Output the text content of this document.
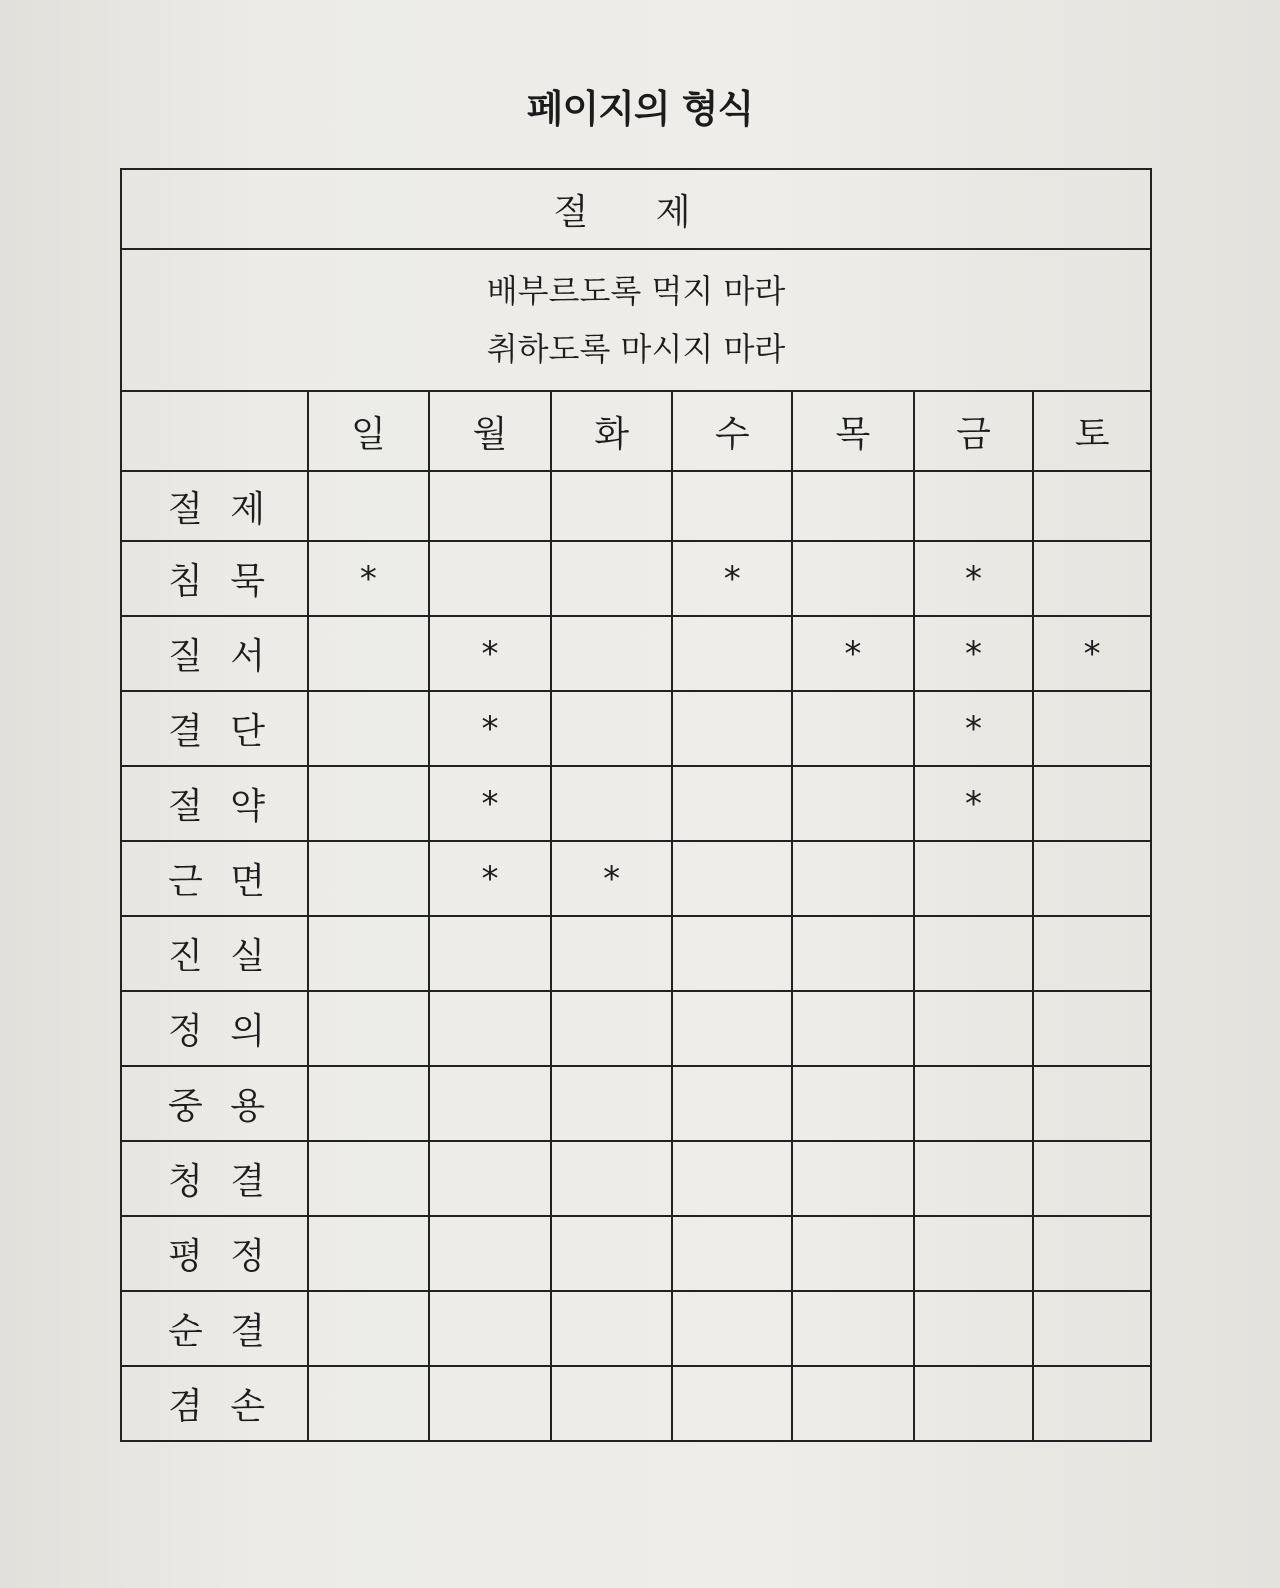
페이지의 형식
절 제							

배부르도록 먹지 마라
취하도록 마시지 마라							

	일	월	화	수	목	금	토
절 제							
침 묵	*			*		*	
질 서		*			*	*	*
결 단		*				*	
절 약		*				*	
근 면		*	*				
진 실							
정 의							
중 용							
청 결							
평 정							
순 결							
겸 손							
